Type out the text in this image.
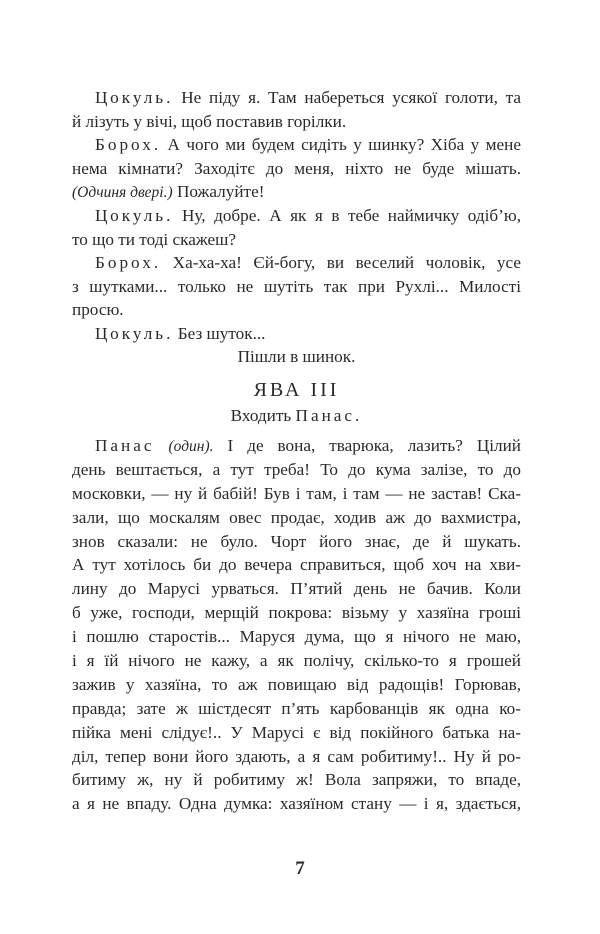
Цокуль. Не піду я. Там набереться усякої голоти, та
й лізуть у вічі, щоб поставив горілки.
Борох. А чого ми будем сидіть у шинку? Хіба у мене
нема кімнати? Заходітє до меня, ніхто не буде мішать.
(Одчиня двері.) Пожалуйте!
Цокуль. Ну, добре. А як я в тебе наймичку одіб’ю,
то що ти тоді скажеш?
Борох. Ха-ха-ха! Єй-богу, ви веселий чоловік, усе
з шутками... только не шутіть так при Рухлі... Милості
просю.
Цокуль. Без шуток...
Пішли в шинок.
ЯВА III
Входить Панас.
Панас (один). І де вона, тварюка, лазить? Цілий
день вештається, а тут треба! То до кума залізе, то до
московки, — ну й бабій! Був і там, і там — не застав! Ска-
зали, що москалям овес продає, ходив аж до вахмистра,
знов сказали: не було. Чорт його знає, де й шукать.
А тут хотілось би до вечера справиться, щоб хоч на хви-
лину до Марусі урваться. П’ятий день не бачив. Коли
б уже, господи, мерщій покрова: візьму у хазяїна гроші
і пошлю старостів... Маруся дума, що я нічого не маю,
і я їй нічого не кажу, а як полічу, скілько-то я грошей
зажив у хазяїна, то аж повищаю від радощів! Горював,
правда; зате ж шістдесят п’ять карбованців як одна ко-
пійка мені слідує!.. У Марусі є від покійного батька на-
діл, тепер вони його здають, а я сам робитиму!.. Ну й ро-
битиму ж, ну й робитиму ж! Вола запряжи, то впаде,
а я не впаду. Одна думка: хазяїном стану — і я, здається,
7
